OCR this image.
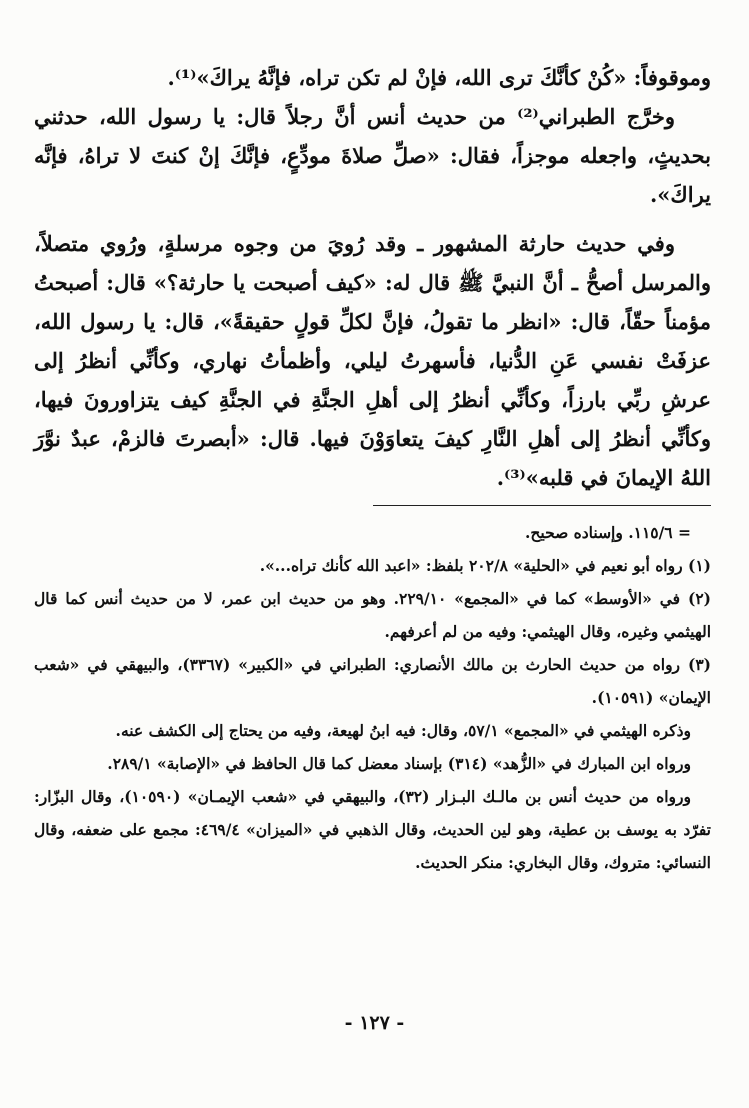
وموقوفاً: «كُنْ كأنَّكَ ترى الله، فإنْ لم تكن تراه، فإنَّهُ يراكَ»⁽¹⁾.

وخرَّج الطبراني⁽²⁾ من حديث أنس أنَّ رجلاً قال: يا رسول الله، حدثني بحديثٍ، واجعله موجزاً، فقال: «صلِّ صلاةَ مودِّعٍ، فإنَّكَ إنْ كنتَ لا تراهُ، فإنَّه يراكَ».

وفي حديث حارثة المشهور ـ وقد رُويَ من وجوه مرسلةٍ، ورُوي متصلاً، والمرسل أصحُّ ـ أنَّ النبيَّ ﷺ قال له: «كيف أصبحت يا حارثة؟» قال: أصبحتُ مؤمناً حقّاً، قال: «انظر ما تقولُ، فإنَّ لكلِّ قولٍ حقيقةً»، قال: يا رسول الله، عزفَتْ نفسي عَنِ الدُّنيا، فأسهرتُ ليلي، وأظمأتُ نهاري، وكأنِّي أنظرُ إلى عرشِ ربِّي بارزاً، وكأنِّي أنظرُ إلى أهلِ الجنَّةِ في الجنَّةِ كيف يتزاورونَ فيها، وكأنِّي أنظرُ إلى أهلِ النَّارِ كيفَ يتعاوَوْنَ فيها. قال: «أبصرتَ فالزمْ، عبدٌ نوَّرَ اللهُ الإيمانَ في قلبه»⁽³⁾.

= ١١٥/٦. وإسناده صحيح.

(١) رواه أبو نعيم في «الحلية» ٢٠٢/٨ بلفظ: «اعبد الله كأنك تراه...».

(٢) في «الأوسط» كما في «المجمع» ٢٢٩/١٠. وهو من حديث ابن عمر، لا من حديث أنس كما قال الهيثمي وغيره، وقال الهيثمي: وفيه من لم أعرفهم.

(٣) رواه من حديث الحارث بن مالك الأنصاري: الطبراني في «الكبير» (٣٣٦٧)، والبيهقي في «شعب الإيمان» (١٠٥٩١).

وذكره الهيثمي في «المجمع» ٥٧/١، وقال: فيه ابنُ لهيعة، وفيه من يحتاج إلى الكشف عنه.

ورواه ابن المبارك في «الزُّهد» (٣١٤) بإسناد معضل كما قال الحافظ في «الإصابة» ٢٨٩/١.

ورواه من حديث أنس بن مالـك البـزار (٣٢)، والبيهقي في «شعب الإيمـان» (١٠٥٩٠)، وقال البزّار: تفرّد به يوسف بن عطية، وهو لين الحديث، وقال الذهبي في «الميزان» ٤٦٩/٤: مجمع على ضعفه، وقال النسائي: متروك، وقال البخاري: منكر الحديث.

- ١٢٧ -
